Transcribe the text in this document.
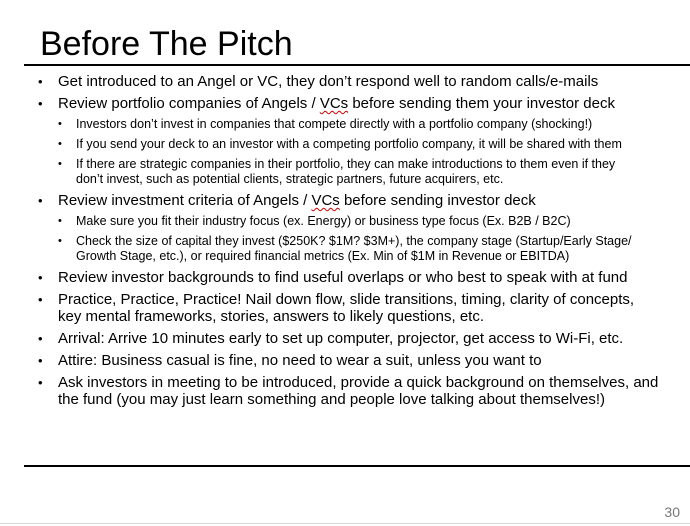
Before The Pitch
• Get introduced to an Angel or VC, they don’t respond well to random calls/e-mails
• Review portfolio companies of Angels / VCs before sending them your investor deck
• Investors don’t invest in companies that compete directly with a portfolio company (shocking!)
• If you send your deck to an investor with a competing portfolio company, it will be shared with them
• If there are strategic companies in their portfolio, they can make introductions to them even if they
don’t invest, such as potential clients, strategic partners, future acquirers, etc.
• Review investment criteria of Angels / VCs before sending investor deck
• Make sure you fit their industry focus (ex. Energy) or business type focus (Ex. B2B / B2C)
• Check the size of capital they invest ($250K? $1M? $3M+), the company stage (Startup/Early Stage/
Growth Stage, etc.), or required financial metrics (Ex. Min of $1M in Revenue or EBITDA)
• Review investor backgrounds to find useful overlaps or who best to speak with at fund
• Practice, Practice, Practice! Nail down flow, slide transitions, timing, clarity of concepts,
key mental frameworks, stories, answers to likely questions, etc.
• Arrival: Arrive 10 minutes early to set up computer, projector, get access to Wi-Fi, etc.
• Attire: Business casual is fine, no need to wear a suit, unless you want to
• Ask investors in meeting to be introduced, provide a quick background on themselves, and
the fund (you may just learn something and people love talking about themselves!)
30
